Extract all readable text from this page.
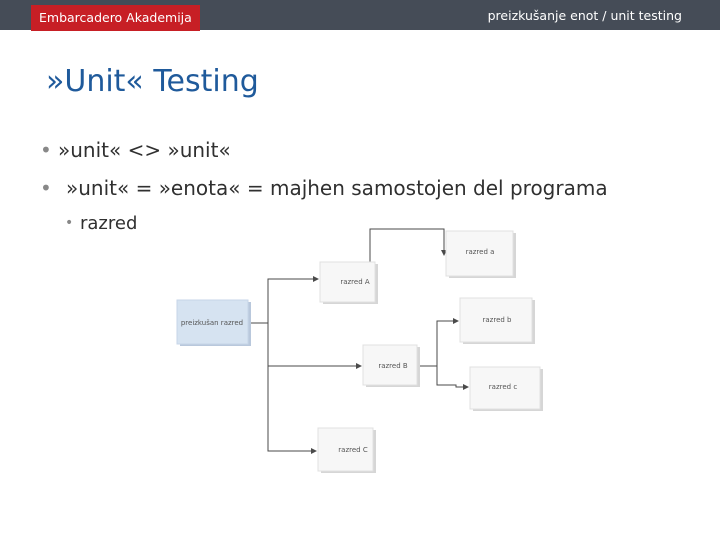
Embarcadero Akademija	preizkušanje enot / unit testing
»Unit« Testing
• »unit« <> »unit«
• »unit« = »enota« = majhen samostojen del programa
• razred
preizkušan razred
razred A
razred B
razred C
razred a
razred b
razred c
